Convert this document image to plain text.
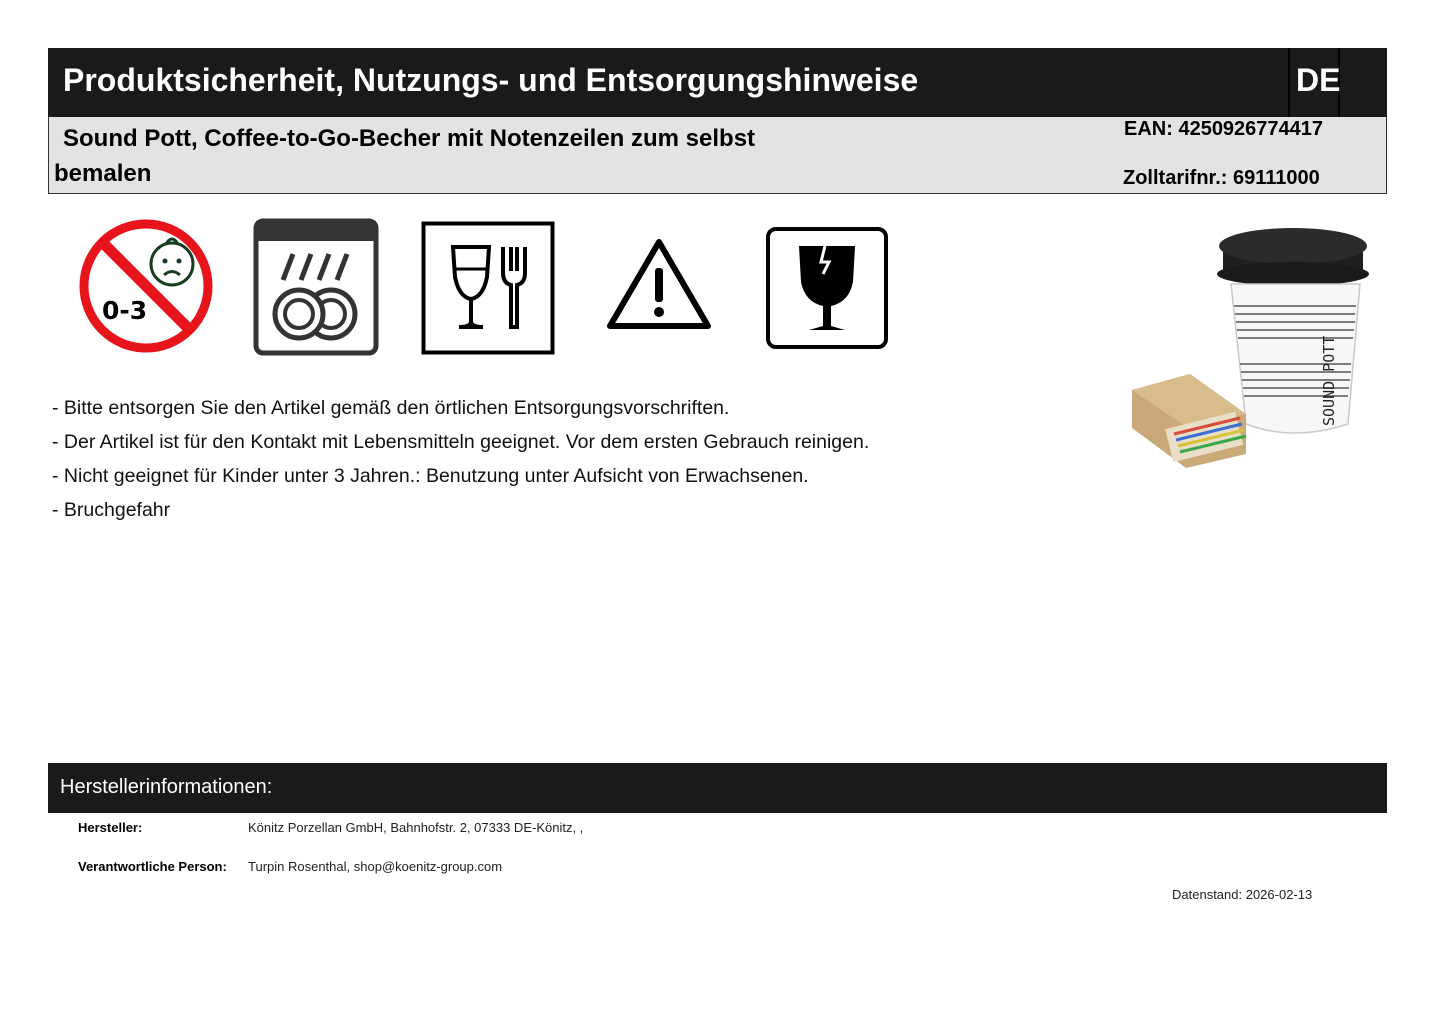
Produktsicherheit, Nutzungs- und Entsorgungshinweise	DE
Sound Pott, Coffee-to-Go-Becher mit Notenzeilen zum selbst bemalen
EAN: 4250926774417
Zolltarifnr.: 69111000
0-3
SOUND POTT
- Bitte entsorgen Sie den Artikel gemäß den örtlichen Entsorgungsvorschriften.
- Der Artikel ist für den Kontakt mit Lebensmitteln geeignet. Vor dem ersten Gebrauch reinigen.
- Nicht geeignet für Kinder unter 3 Jahren.: Benutzung unter Aufsicht von Erwachsenen.
- Bruchgefahr
Herstellerinformationen:
Hersteller:	Könitz Porzellan GmbH, Bahnhofstr. 2, 07333 DE-Könitz, ,
Verantwortliche Person: Turpin Rosenthal, shop@koenitz-group.com
Datenstand: 2026-02-13
